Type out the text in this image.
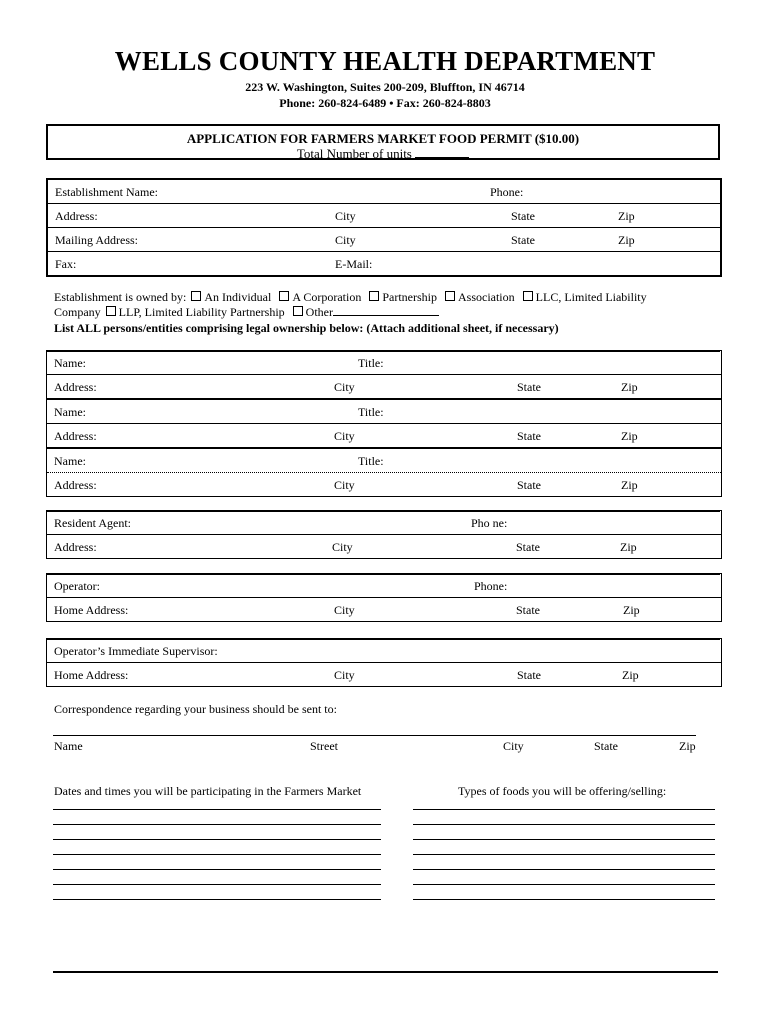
WELLS COUNTY HEALTH DEPARTMENT
223 W. Washington, Suites 200-209, Bluffton, IN 46714
Phone: 260-824-6489 • Fax: 260-824-8803
APPLICATION FOR FARMERS MARKET FOOD PERMIT ($10.00)
Total Number of units
Establishment Name:	Phone:
Address:	City	State	Zip
Mailing Address:	City	State	Zip
Fax:	E-Mail:
Establishment is owned by: An Individual A Corporation Partnership Association LLC, Limited Liability
Company LLP, Limited Liability Partnership Other
List ALL persons/entities comprising legal ownership below: (Attach additional sheet, if necessary)
Name:	Title:
Address:	City	State	Zip
Name:	Title:
Address:	City	State	Zip
Name:	Title:
Address:	City	State	Zip
Resident Agent:	Pho ne:
Address:	City	State	Zip
Operator:	Phone:
Home Address:	City	State	Zip
Operator’s Immediate Supervisor:
Home Address:	City	State	Zip
Correspondence regarding your business should be sent to:
Name	Street	City	State	Zip
Dates and times you will be participating in the Farmers Market	Types of foods you will be offering/selling:
